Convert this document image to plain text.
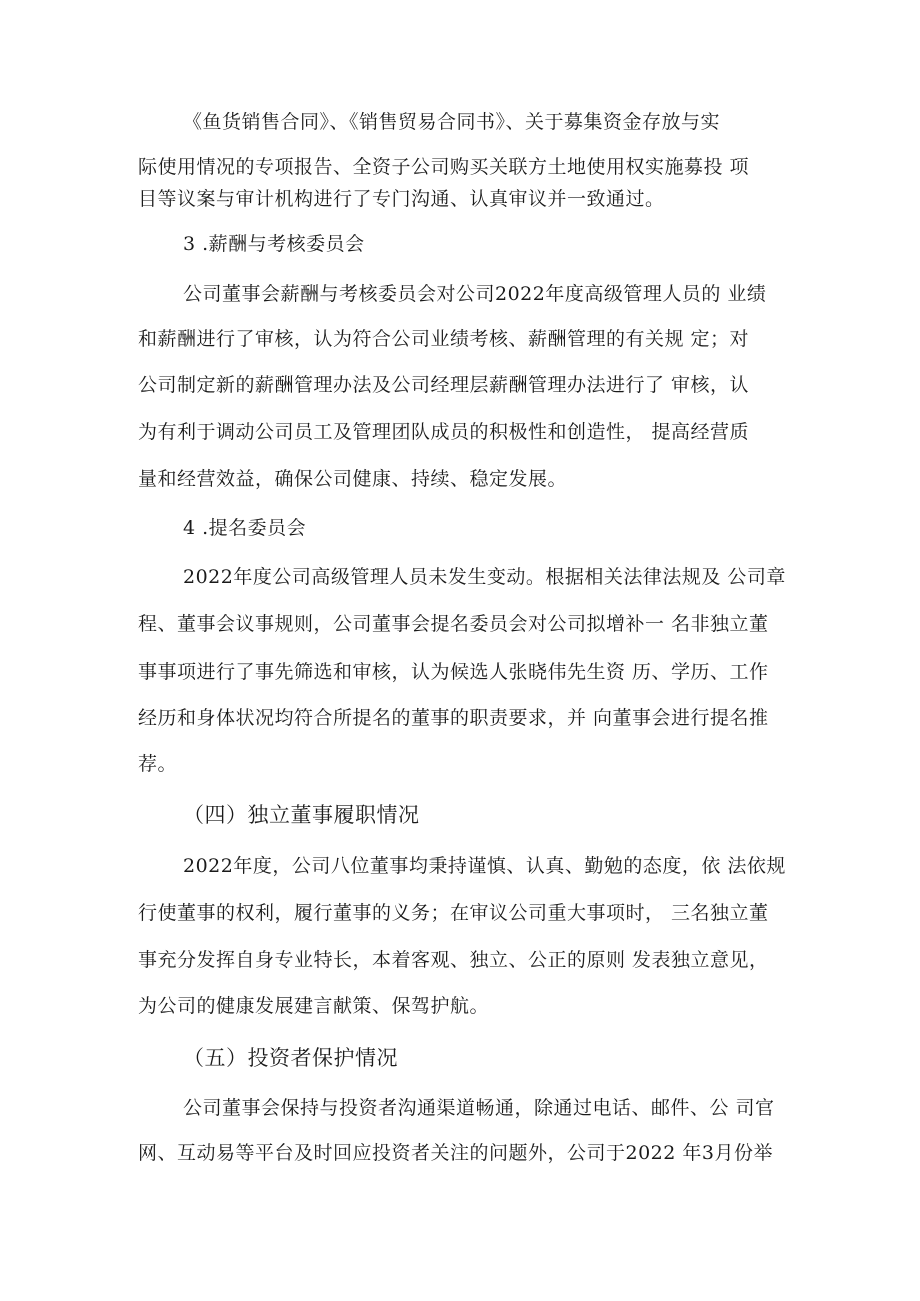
《鱼货销售合同》、《销售贸易合同书》、关于募集资金存放与实
际使用情况的专项报告、全资子公司购买关联方土地使用权实施募投 项
目等议案与审计机构进行了专门沟通、认真审议并一致通过。
3 .薪酬与考核委员会
公司董事会薪酬与考核委员会对公司2022年度高级管理人员的 业绩
和薪酬进行了审核，认为符合公司业绩考核、薪酬管理的有关规 定；对
公司制定新的薪酬管理办法及公司经理层薪酬管理办法进行了 审核，认
为有利于调动公司员工及管理团队成员的积极性和创造性， 提高经营质
量和经营效益，确保公司健康、持续、稳定发展。
4 .提名委员会
2022年度公司高级管理人员未发生变动。根据相关法律法规及 公司章
程、董事会议事规则，公司董事会提名委员会对公司拟增补一 名非独立董
事事项进行了事先筛选和审核，认为候选人张晓伟先生资 历、学历、工作
经历和身体状况均符合所提名的董事的职责要求，并 向董事会进行提名推
荐。
（四）独立董事履职情况
2022年度，公司八位董事均秉持谨慎、认真、勤勉的态度，依 法依规
行使董事的权利，履行董事的义务；在审议公司重大事项时， 三名独立董
事充分发挥自身专业特长，本着客观、独立、公正的原则 发表独立意见，
为公司的健康发展建言献策、保驾护航。
（五）投资者保护情况
公司董事会保持与投资者沟通渠道畅通，除通过电话、邮件、公 司官
网、互动易等平台及时回应投资者关注的问题外，公司于2022 年3月份举
